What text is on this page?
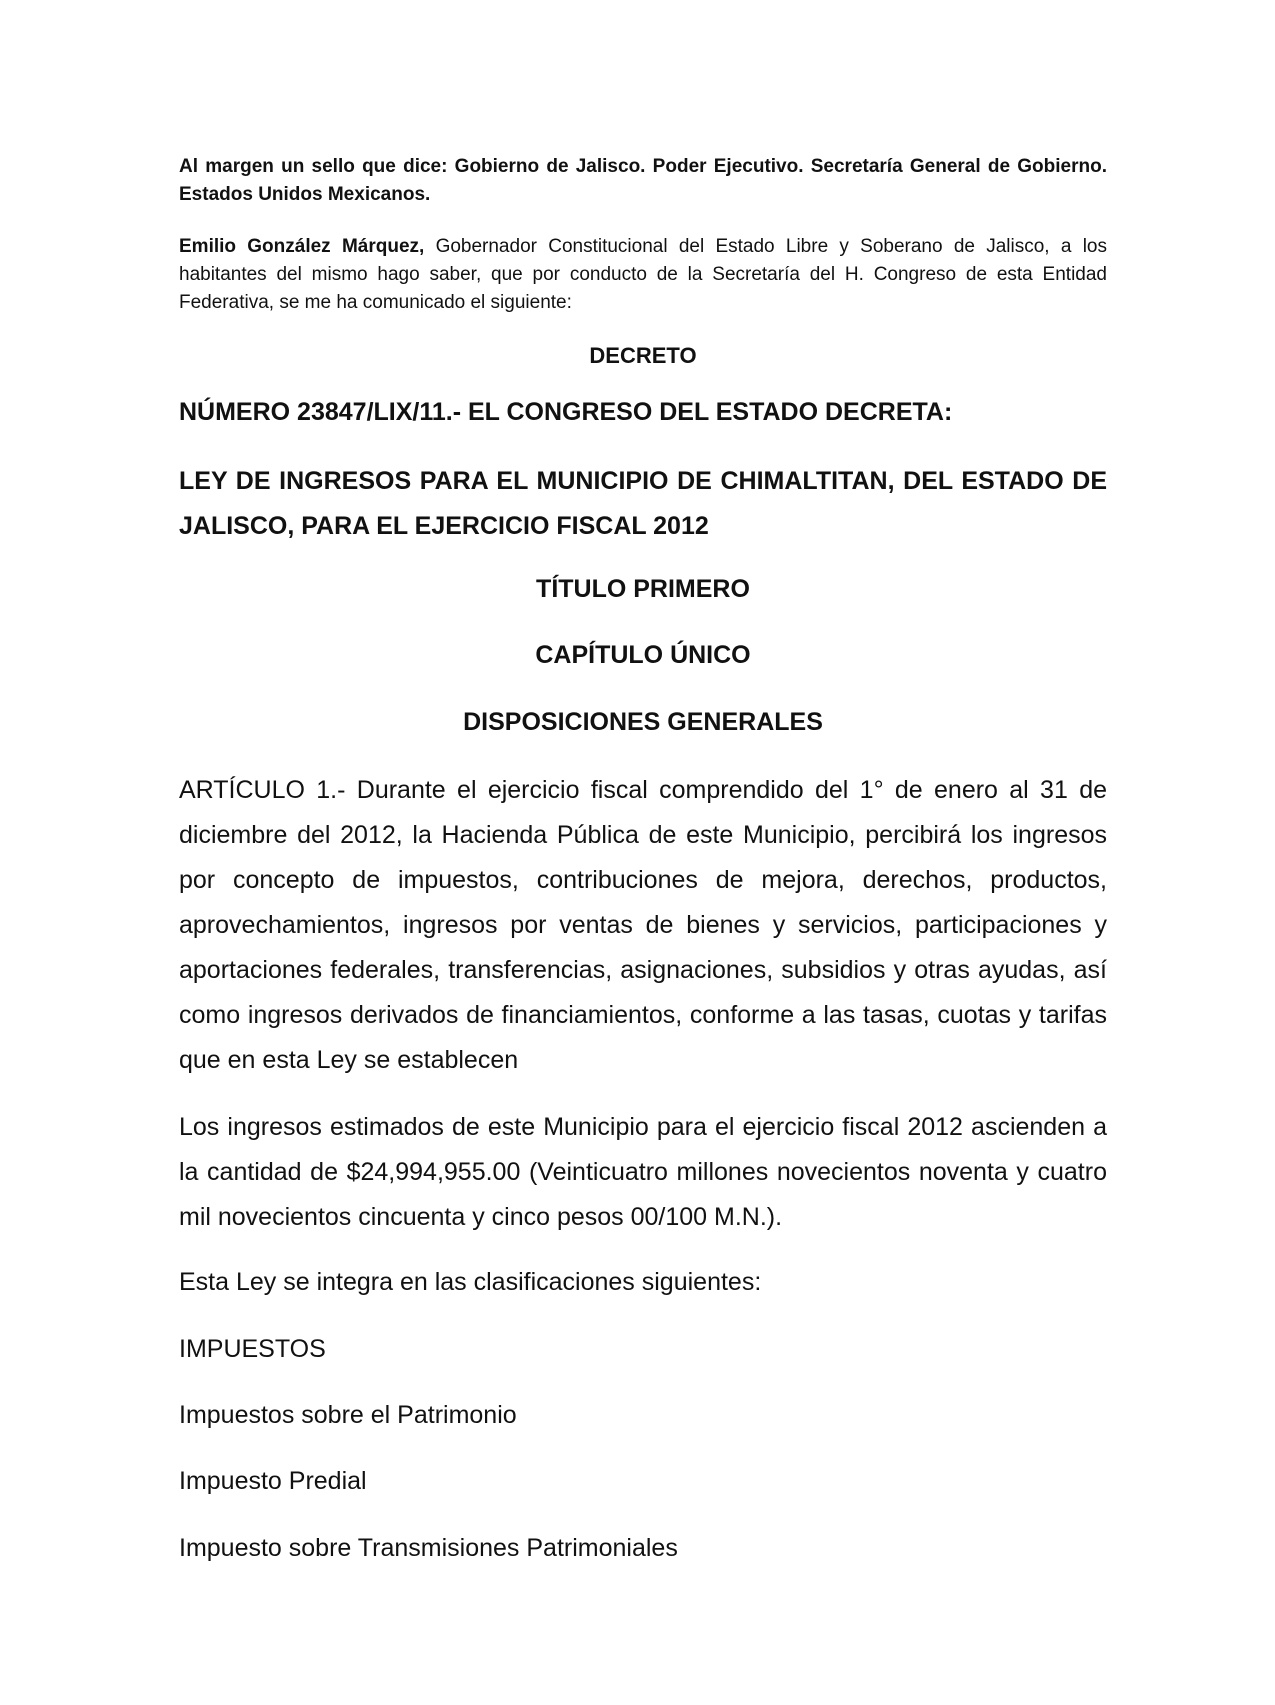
Al margen un sello que dice: Gobierno de Jalisco. Poder Ejecutivo. Secretaría General de Gobierno. Estados Unidos Mexicanos.

Emilio González Márquez, Gobernador Constitucional del Estado Libre y Soberano de Jalisco, a los habitantes del mismo hago saber, que por conducto de la Secretaría del H. Congreso de esta Entidad Federativa, se me ha comunicado el siguiente:

DECRETO
NÚMERO 23847/LIX/11.- EL CONGRESO DEL ESTADO DECRETA:
LEY DE INGRESOS PARA EL MUNICIPIO DE CHIMALTITAN, DEL ESTADO DE JALISCO, PARA EL EJERCICIO FISCAL 2012
TÍTULO PRIMERO
CAPÍTULO ÚNICO
DISPOSICIONES GENERALES

ARTÍCULO 1.- Durante el ejercicio fiscal comprendido del 1° de enero al 31 de diciembre del 2012, la Hacienda Pública de este Municipio, percibirá los ingresos por concepto de impuestos, contribuciones de mejora, derechos, productos, aprovechamientos, ingresos por ventas de bienes y servicios, participaciones y aportaciones federales, transferencias, asignaciones, subsidios y otras ayudas, así como ingresos derivados de financiamientos, conforme a las tasas, cuotas y tarifas que en esta Ley se establecen

Los ingresos estimados de este Municipio para el ejercicio fiscal 2012 ascienden a la cantidad de $24,994,955.00 (Veinticuatro millones novecientos noventa y cuatro mil novecientos cincuenta y cinco pesos 00/100 M.N.).

Esta Ley se integra en las clasificaciones siguientes:
IMPUESTOS
Impuestos sobre el Patrimonio
Impuesto Predial
Impuesto sobre Transmisiones Patrimoniales
